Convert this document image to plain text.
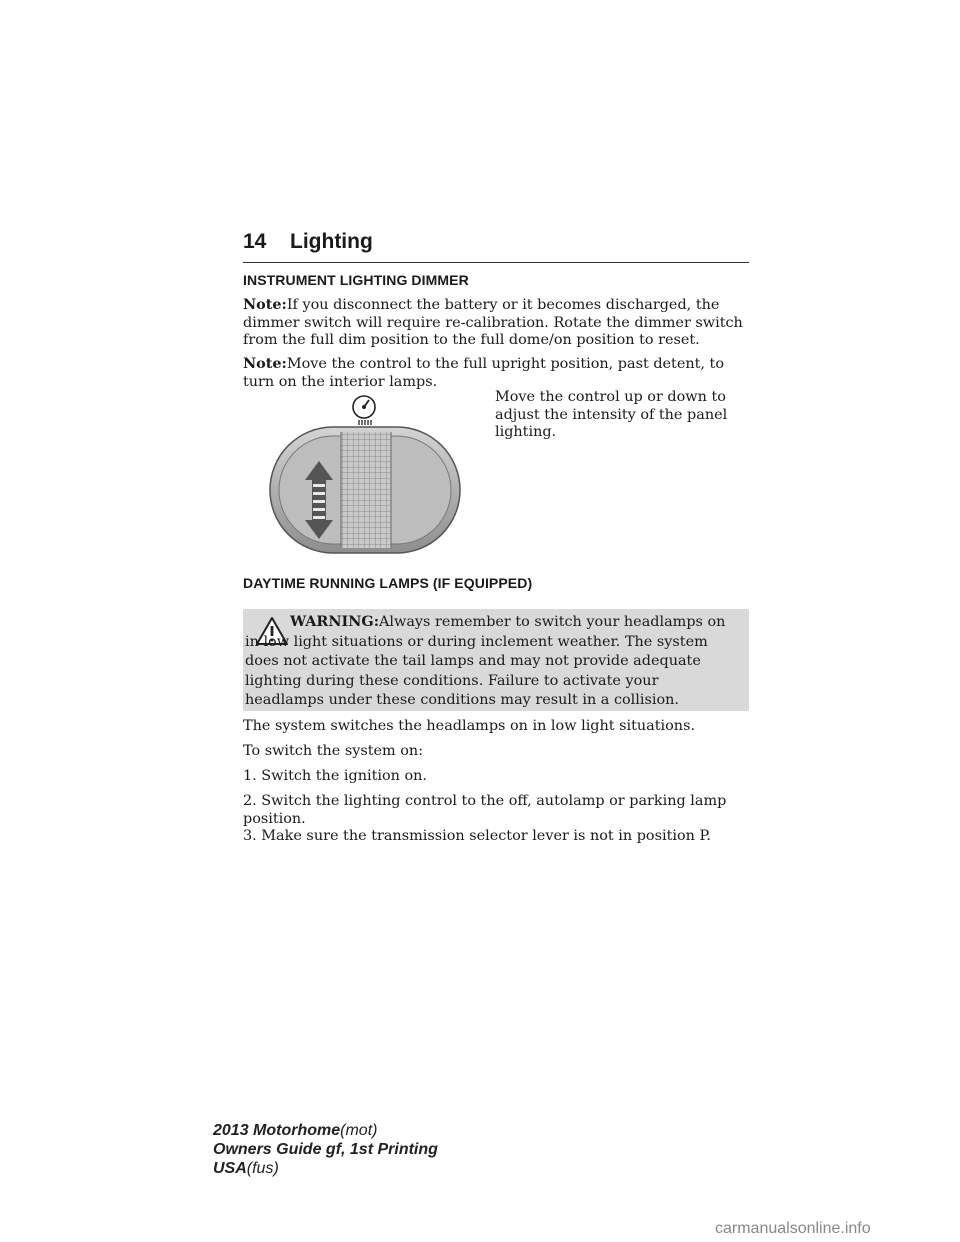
14 Lighting
INSTRUMENT LIGHTING DIMMER
Note:If you disconnect the battery or it becomes discharged, the dimmer switch will require re-calibration. Rotate the dimmer switch from the full dim position to the full dome/on position to reset.
Note:Move the control to the full upright position, past detent, to turn on the interior lamps.
Move the control up or down to adjust the intensity of the panel lighting.
DAYTIME RUNNING LAMPS (IF EQUIPPED)
WARNING:Always remember to switch your headlamps on in low light situations or during inclement weather. The system does not activate the tail lamps and may not provide adequate lighting during these conditions. Failure to activate your headlamps under these conditions may result in a collision.
The system switches the headlamps on in low light situations.
To switch the system on:
1. Switch the ignition on.
2. Switch the lighting control to the off, autolamp or parking lamp position.
3. Make sure the transmission selector lever is not in position P.
2013 Motorhome(mot)
Owners Guide gf, 1st Printing
USA(fus)
carmanualsonline.info
